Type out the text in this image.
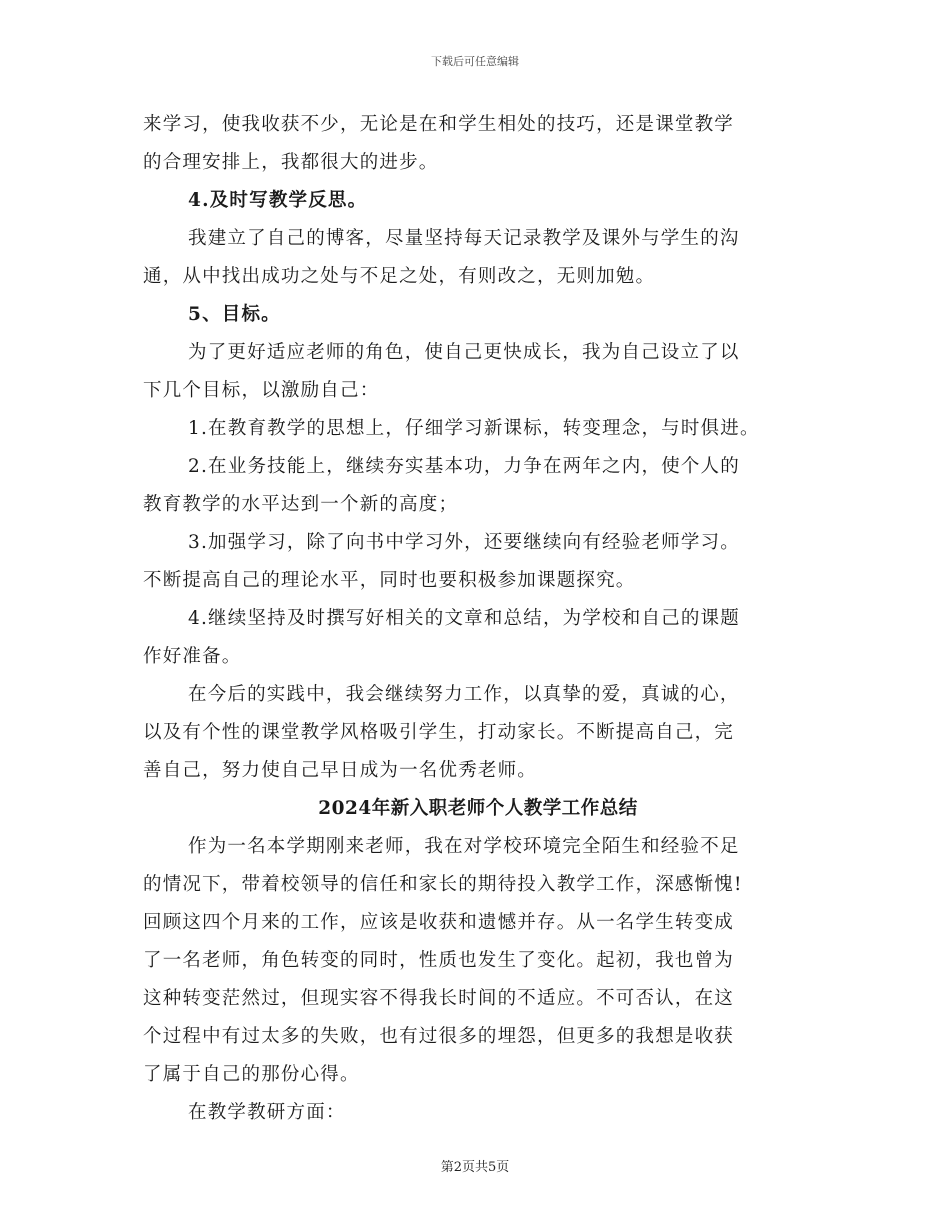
下载后可任意编辑
来学习，使我收获不少，无论是在和学生相处的技巧，还是课堂教学
的合理安排上，我都很大的进步。
4.及时写教学反思。
我建立了自己的博客，尽量坚持每天记录教学及课外与学生的沟
通，从中找出成功之处与不足之处，有则改之，无则加勉。
5、目标。
为了更好适应老师的角色，使自己更快成长，我为自己设立了以
下几个目标，以激励自己：
1.在教育教学的思想上，仔细学习新课标，转变理念，与时俱进。
2.在业务技能上，继续夯实基本功，力争在两年之内，使个人的
教育教学的水平达到一个新的高度；
3.加强学习，除了向书中学习外，还要继续向有经验老师学习。
不断提高自己的理论水平，同时也要积极参加课题探究。
4.继续坚持及时撰写好相关的文章和总结，为学校和自己的课题
作好准备。
在今后的实践中，我会继续努力工作，以真挚的爱，真诚的心，
以及有个性的课堂教学风格吸引学生，打动家长。不断提高自己，完
善自己，努力使自己早日成为一名优秀老师。
2024年新入职老师个人教学工作总结
作为一名本学期刚来老师，我在对学校环境完全陌生和经验不足
的情况下，带着校领导的信任和家长的期待投入教学工作，深感惭愧!
回顾这四个月来的工作，应该是收获和遗憾并存。从一名学生转变成
了一名老师，角色转变的同时，性质也发生了变化。起初，我也曾为
这种转变茫然过，但现实容不得我长时间的不适应。不可否认，在这
个过程中有过太多的失败，也有过很多的埋怨，但更多的我想是收获
了属于自己的那份心得。
在教学教研方面：
第2页共5页
